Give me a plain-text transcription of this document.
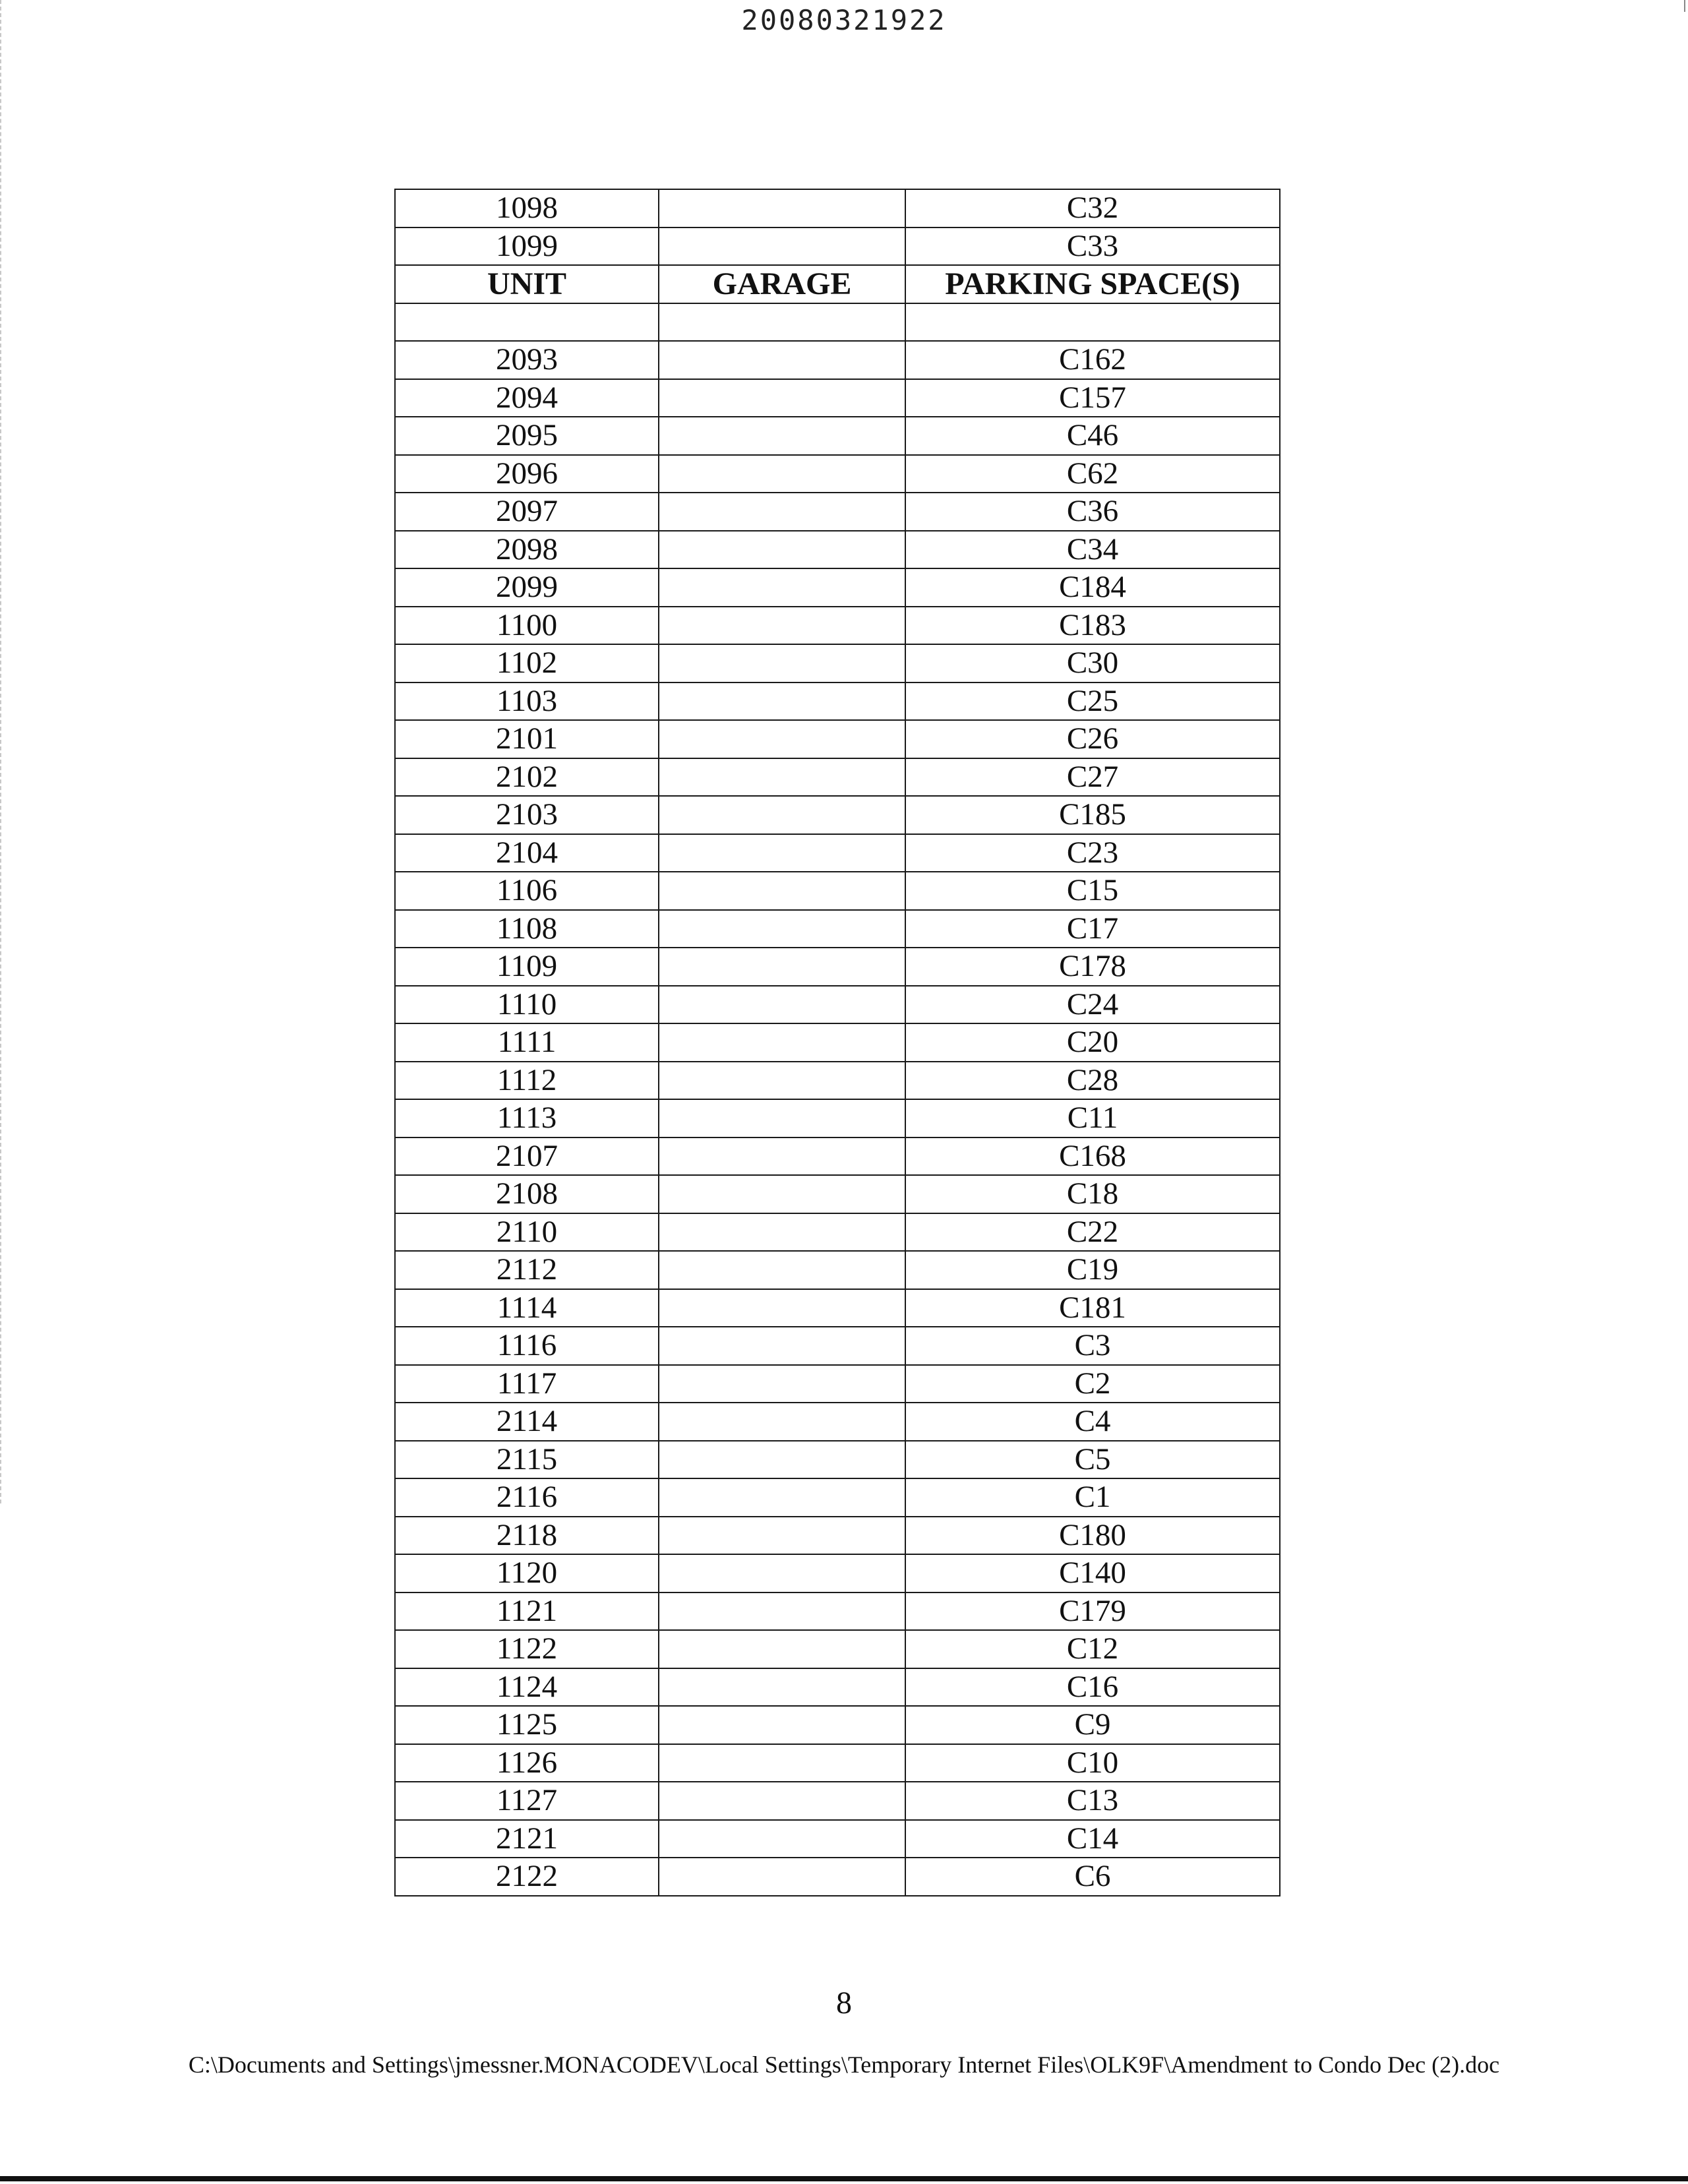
20080321922
1098		C32
1099		C33
UNIT	GARAGE	PARKING SPACE(S)

2093		C162
2094		C157
2095		C46
2096		C62
2097		C36
2098		C34
2099		C184
1100		C183
1102		C30
1103		C25
2101		C26
2102		C27
2103		C185
2104		C23
1106		C15
1108		C17
1109		C178
1110		C24
1111		C20
1112		C28
1113		C11
2107		C168
2108		C18
2110		C22
2112		C19
1114		C181
1116		C3
1117		C2
2114		C4
2115		C5
2116		C1
2118		C180
1120		C140
1121		C179
1122		C12
1124		C16
1125		C9
1126		C10
1127		C13
2121		C14
2122		C6
8
C:\Documents and Settings\jmessner.MONACODEV\Local Settings\Temporary Internet Files\OLK9F\Amendment to Condo Dec (2).doc
